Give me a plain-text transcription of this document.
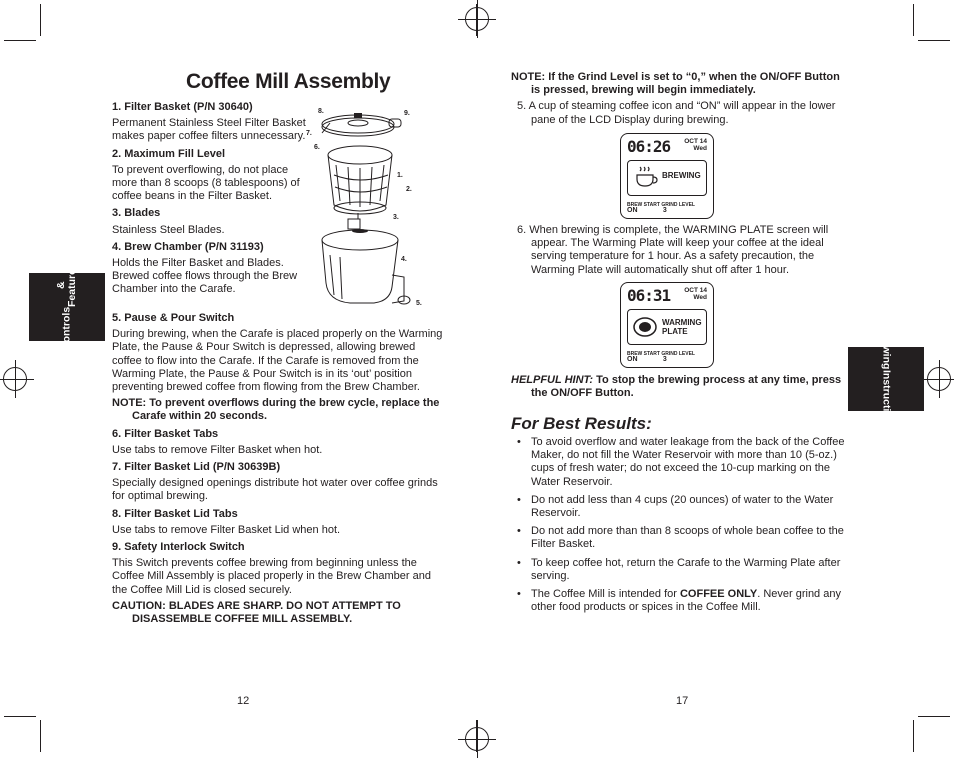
Coffee Mill Assembly
Controls

& Features
1. Filter Basket (P/N 30640)

Permanent Stainless Steel Filter Basket makes paper coffee filters unnecessary.

2. Maximum Fill Level

To prevent overflowing, do not place more than 8 scoops (8 tablespoons) of coffee beans in the Filter Basket.

3. Blades

Stainless Steel Blades.

4. Brew Chamber (P/N 31193)

Holds the Filter Basket and Blades. Brewed coffee flows through the Brew Chamber into the Carafe.

5. Pause & Pour Switch

During brewing, when the Carafe is placed properly on the Warming Plate, the Pause & Pour Switch is depressed, allowing brewed coffee to flow into the Carafe. If the Carafe is removed from the Warming Plate, the Pause & Pour Switch is in its ‘out’ position preventing brewed coffee from flowing from the Brew Chamber.

NOTE: To prevent overflows during the brew cycle, replace the Carafe within 20 seconds.

6. Filter Basket Tabs

Use tabs to remove Filter Basket when hot.

7. Filter Basket Lid (P/N 30639B)

Specially designed openings distribute hot water over coffee grinds for optimal brewing.

8. Filter Basket Lid Tabs

Use tabs to remove Filter Basket Lid when hot.

9. Safety Interlock Switch

This Switch prevents coffee brewing from beginning unless the Coffee Mill Assembly is placed properly in the Brew Chamber and the Coffee Mill Lid is closed securely.

CAUTION: BLADES ARE SHARP. DO NOT ATTEMPT TO DISASSEMBLE COFFEE MILL ASSEMBLY.

8.	9.
7.
6.
1.
2.
3.
4.
5.
12

NOTE: If the Grind Level is set to “0,” when the ON/OFF Button is pressed, brewing will begin immediately.

5. A cup of steaming coffee icon and “ON” will appear in the lower pane of the LCD Display during brewing.

06:26 OCT 14
Wed
BREWING
BREW START GRIND LEVEL
ON	3

6. When brewing is complete, the WARMING PLATE screen will appear. The Warming Plate will keep your coffee at the ideal serving temperature for 1 hour. As a safety precaution, the Warming Plate will automatically shut off after 1 hour.

06:31 OCT 14
Wed
WARMING
PLATE
BREW START GRIND LEVEL
ON	3
HELPFUL HINT: To stop the brewing process at any time, press the ON/OFF Button.
For Best Results:
• To avoid overflow and water leakage from the back of the Coffee Maker, do not fill the Water Reservoir with more than 10 (5-oz.) cups of fresh water; do not exceed the 10-cup marking on the Water Reservoir.
• Do not add less than 4 cups (20 ounces) of water to the Water Reservoir.
• Do not add more than than 8 scoops of whole bean coffee to the Filter Basket.
• To keep coffee hot, return the Carafe to the Warming Plate after serving.
• The Coffee Mill is intended for COFFEE ONLY. Never grind any other food products or spices in the Coffee Mill.
Brewing

Instructions
17
